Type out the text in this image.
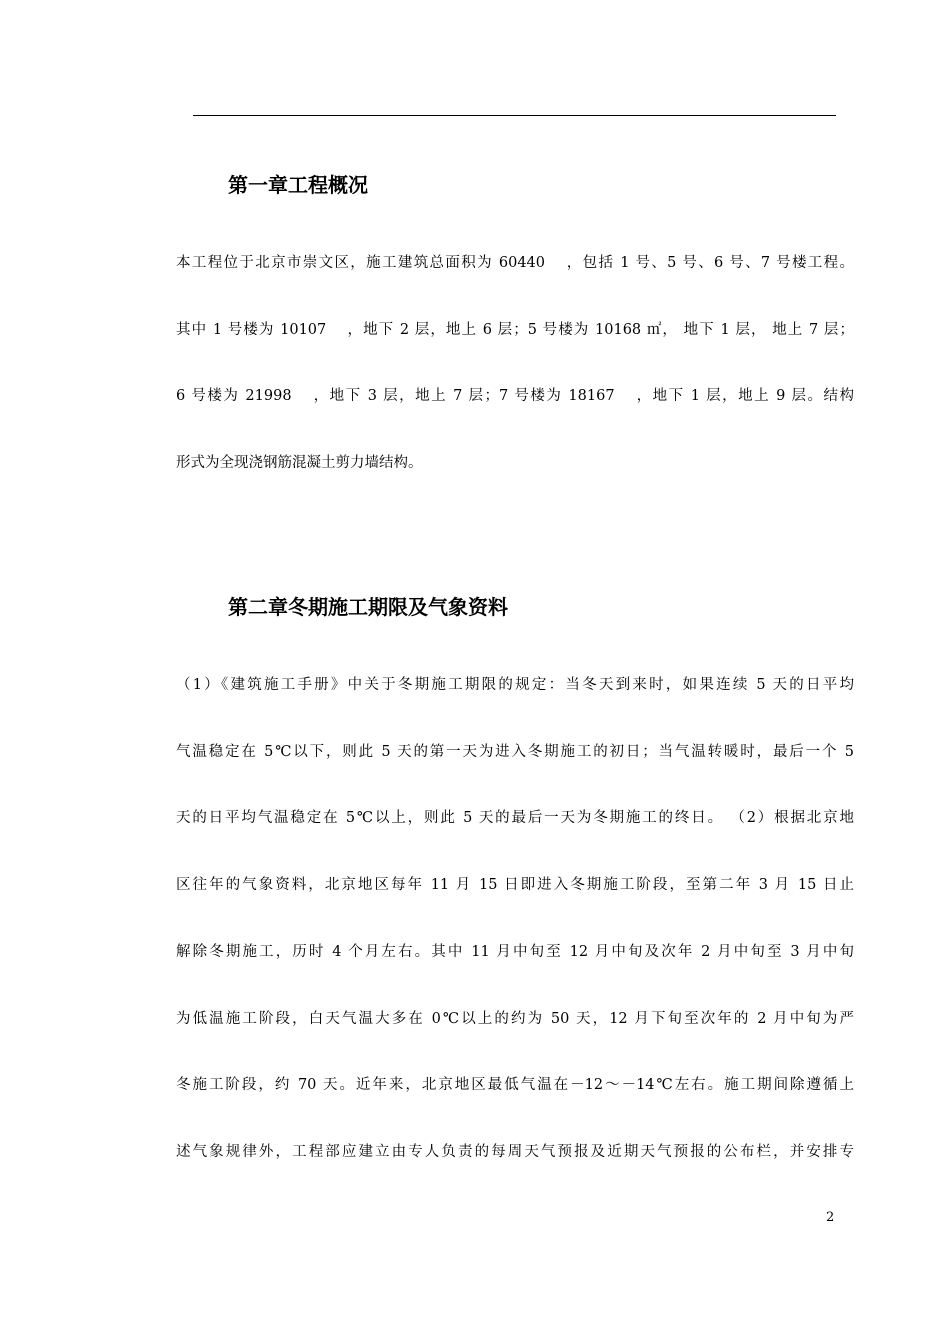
第一章工程概况
本工程位于北京市崇文区，施工建筑总面积为 60440 　，包括 1 号、5 号、6 号、7 号楼工程。
其中 1 号楼为 10107 　，地下 2 层，地上 6 层；5 号楼为 10168 ㎡， 地下 1 层， 地上 7 层；
6 号楼为 21998 　，地下 3 层，地上 7 层；7 号楼为 18167 　，地下 1 层，地上 9 层。结构
形式为全现浇钢筋混凝土剪力墙结构。
第二章冬期施工期限及气象资料
（1）《建筑施工手册》中关于冬期施工期限的规定：当冬天到来时，如果连续 5 天的日平均
气温稳定在 5℃以下，则此 5 天的第一天为进入冬期施工的初日；当气温转暖时，最后一个 5
天的日平均气温稳定在 5℃以上，则此 5 天的最后一天为冬期施工的终日。 （2）根据北京地
区往年的气象资料，北京地区每年 11 月 15 日即进入冬期施工阶段，至第二年 3 月 15 日止
解除冬期施工，历时 4 个月左右。其中 11 月中旬至 12 月中旬及次年 2 月中旬至 3 月中旬
为低温施工阶段，白天气温大多在 0℃以上的约为 50 天，12 月下旬至次年的 2 月中旬为严
冬施工阶段，约 70 天。近年来，北京地区最低气温在－12～－14℃左右。施工期间除遵循上
述气象规律外，工程部应建立由专人负责的每周天气预报及近期天气预报的公布栏，并安排专
2
